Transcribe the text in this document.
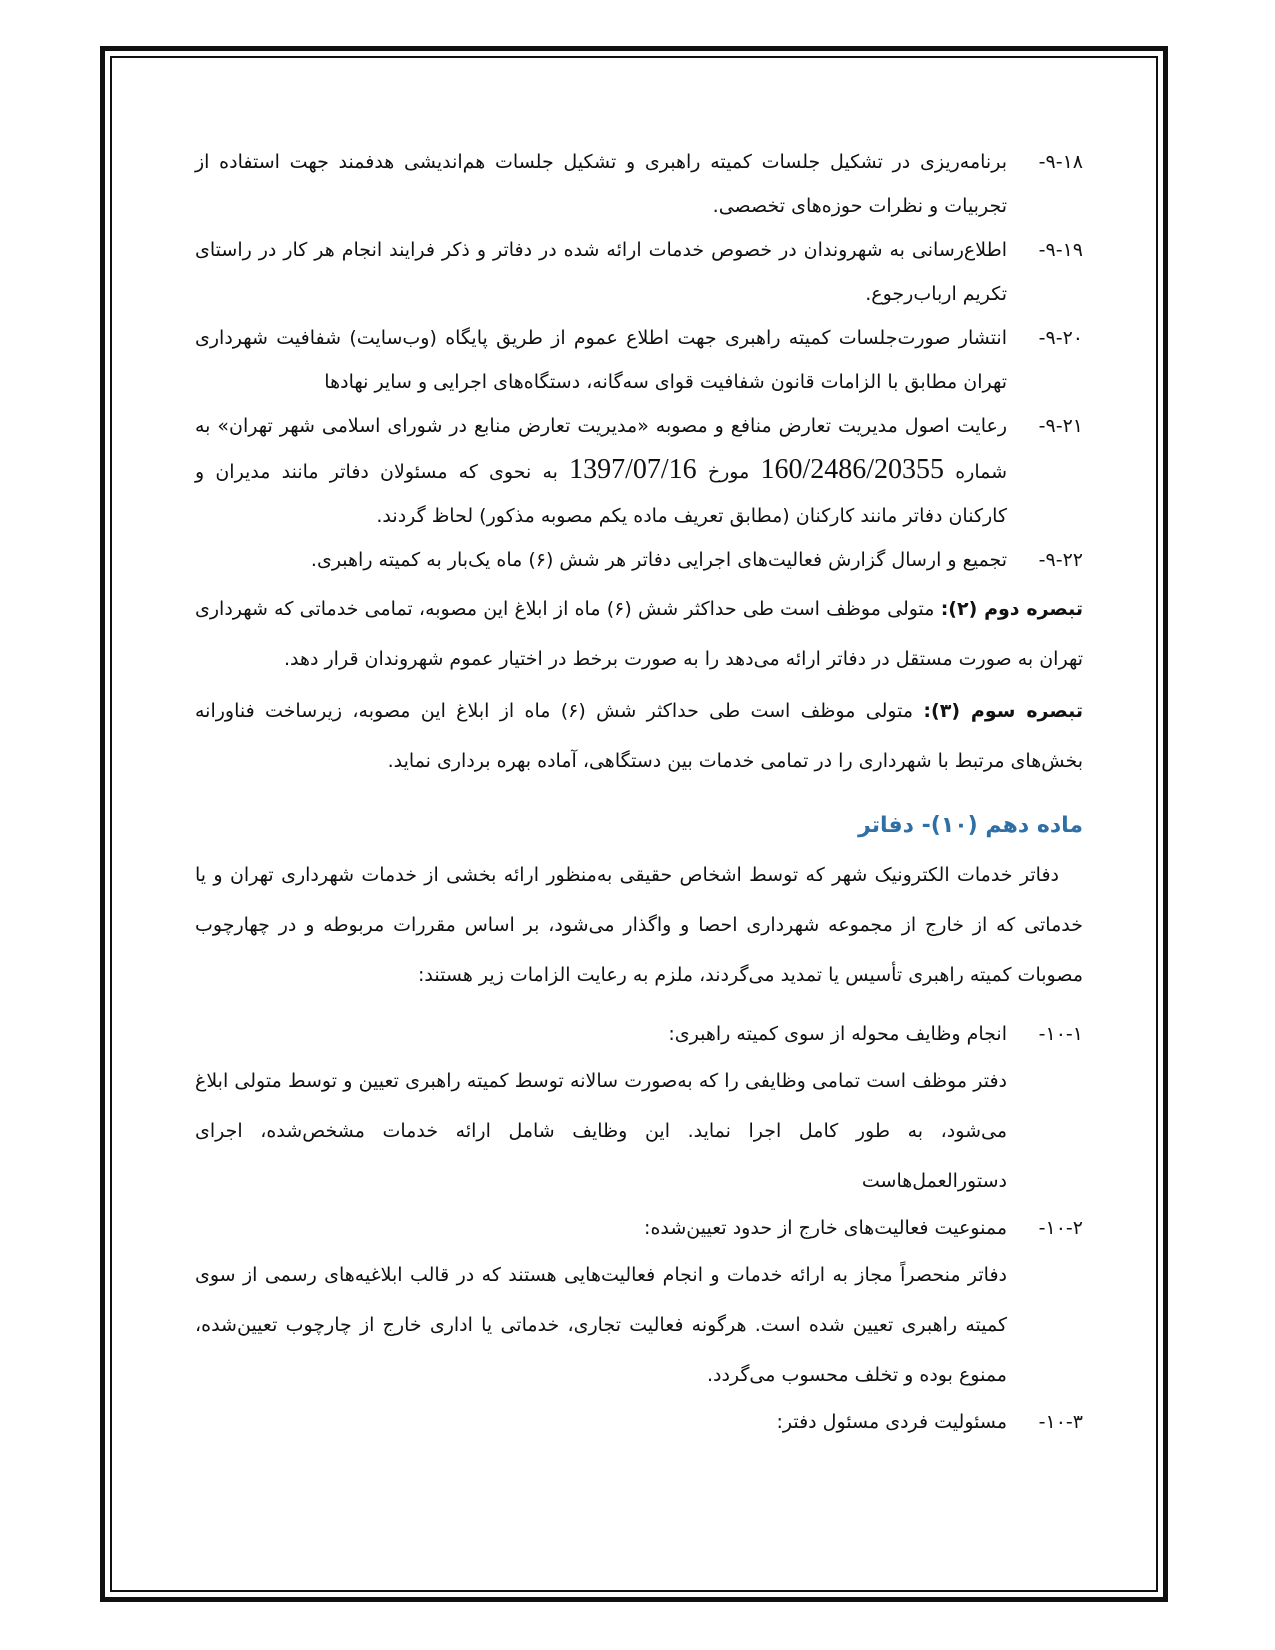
۹-۱۸-
برنامه‌ریزی در تشکیل جلسات کمیته راهبری و تشکیل جلسات هم‌اندیشی هدفمند جهت استفاده از تجربیات و نظرات حوزه‌های تخصصی.
۹-۱۹-
اطلاع‌رسانی به شهروندان در خصوص خدمات ارائه شده در دفاتر و ذکر فرایند انجام هر کار در راستای تکریم ارباب‌رجوع.
۹-۲۰-
انتشار صورت‌جلسات کمیته راهبری جهت اطلاع عموم از طریق پایگاه (وب‌سایت) شفافیت شهرداری تهران مطابق با الزامات قانون شفافیت قوای سه‌گانه، دستگاه‌های اجرایی و سایر نهادها
۹-۲۱-
رعایت اصول مدیریت تعارض منافع و مصوبه «مدیریت تعارض منابع در شورای اسلامی شهر تهران» به شماره 160/2486/20355 مورخ 1397/07/16 به نحوی که مسئولان دفاتر مانند مدیران و کارکنان دفاتر مانند کارکنان (مطابق تعریف ماده یکم مصوبه مذکور) لحاظ گردند.
۹-۲۲-
تجمیع و ارسال گزارش فعالیت‌های اجرایی دفاتر هر شش (۶) ماه یک‌بار به کمیته راهبری.
تبصره دوم (۲): متولی موظف است طی حداکثر شش (۶) ماه از ابلاغ این مصوبه، تمامی خدماتی که شهرداری تهران به صورت مستقل در دفاتر ارائه می‌دهد را به صورت برخط در اختیار عموم شهروندان قرار دهد.
تبصره سوم (۳): متولی موظف است طی حداکثر شش (۶) ماه از ابلاغ این مصوبه، زیرساخت فناورانه بخش‌های مرتبط با شهرداری را در تمامی خدمات بین دستگاهی، آماده بهره برداری نماید.
ماده دهم (۱۰)- دفاتر
دفاتر خدمات الکترونیک شهر که توسط اشخاص حقیقی به‌منظور ارائه بخشی از خدمات شهرداری تهران و یا خدماتی که از خارج از مجموعه شهرداری احصا و واگذار می‌شود، بر اساس مقررات مربوطه و در چهارچوب مصوبات کمیته راهبری تأسیس یا تمدید می‌گردند، ملزم به رعایت الزامات زیر هستند:
۱۰-۱-
انجام وظایف محوله از سوی کمیته راهبری:
دفتر موظف است تمامی وظایفی را که به‌صورت سالانه توسط کمیته راهبری تعیین و توسط متولی ابلاغ می‌شود، به طور کامل اجرا نماید. این وظایف شامل ارائه خدمات مشخص‌شده، اجرای دستورالعمل‌هاست
۱۰-۲-
ممنوعیت فعالیت‌های خارج از حدود تعیین‌شده:
دفاتر منحصراً مجاز به ارائه خدمات و انجام فعالیت‌هایی هستند که در قالب ابلاغیه‌های رسمی از سوی کمیته راهبری تعیین شده است. هرگونه فعالیت تجاری، خدماتی یا اداری خارج از چارچوب تعیین‌شده، ممنوع بوده و تخلف محسوب می‌گردد.
۱۰-۳-
مسئولیت فردی مسئول دفتر:
